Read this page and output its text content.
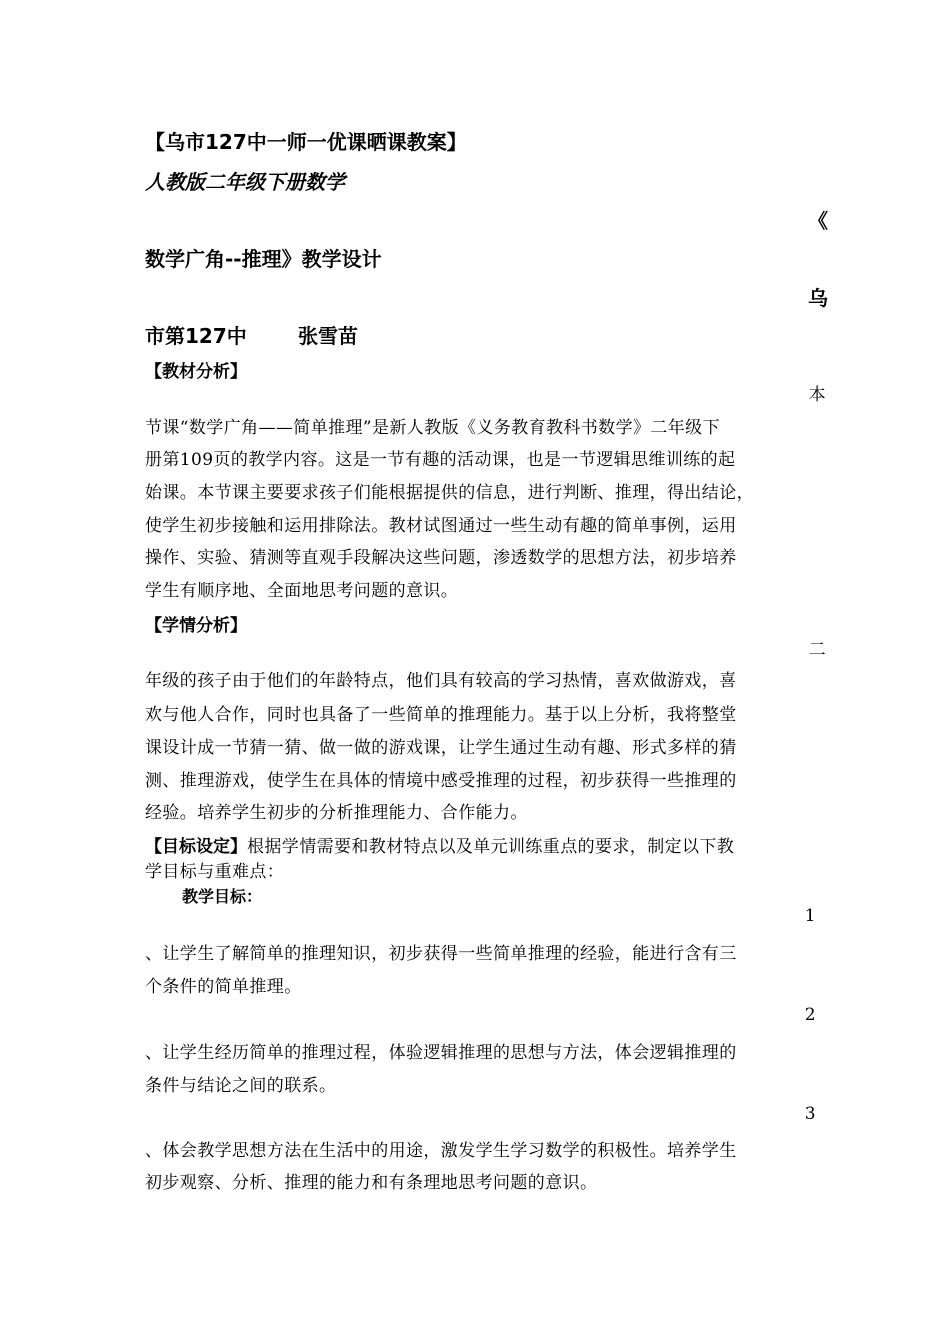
【乌市127中一师一优课晒课教案】
人教版二年级下册数学
《
数学广角--推理》教学设计
乌
市第127中	张雪苗
【教材分析】
本
节课“数学广角——简单推理”是新人教版《义务教育教科书数学》二年级下
册第109页的教学内容。这是一节有趣的活动课，也是一节逻辑思维训练的起
始课。本节课主要要求孩子们能根据提供的信息，进行判断、推理，得出结论，
使学生初步接触和运用排除法。教材试图通过一些生动有趣的简单事例，运用
操作、实验、猜测等直观手段解决这些问题，渗透数学的思想方法，初步培养
学生有顺序地、全面地思考问题的意识。
【学情分析】
二
年级的孩子由于他们的年龄特点，他们具有较高的学习热情，喜欢做游戏，喜
欢与他人合作，同时也具备了一些简单的推理能力。基于以上分析，我将整堂
课设计成一节猜一猜、做一做的游戏课，让学生通过生动有趣、形式多样的猜
测、推理游戏，使学生在具体的情境中感受推理的过程，初步获得一些推理的
经验。培养学生初步的分析推理能力、合作能力。
【目标设定】根据学情需要和教材特点以及单元训练重点的要求，制定以下教
学目标与重难点：
教学目标：
1
、让学生了解简单的推理知识，初步获得一些简单推理的经验，能进行含有三
个条件的简单推理。
2
、让学生经历简单的推理过程，体验逻辑推理的思想与方法，体会逻辑推理的
条件与结论之间的联系。
3
、体会教学思想方法在生活中的用途，激发学生学习数学的积极性。培养学生
初步观察、分析、推理的能力和有条理地思考问题的意识。
